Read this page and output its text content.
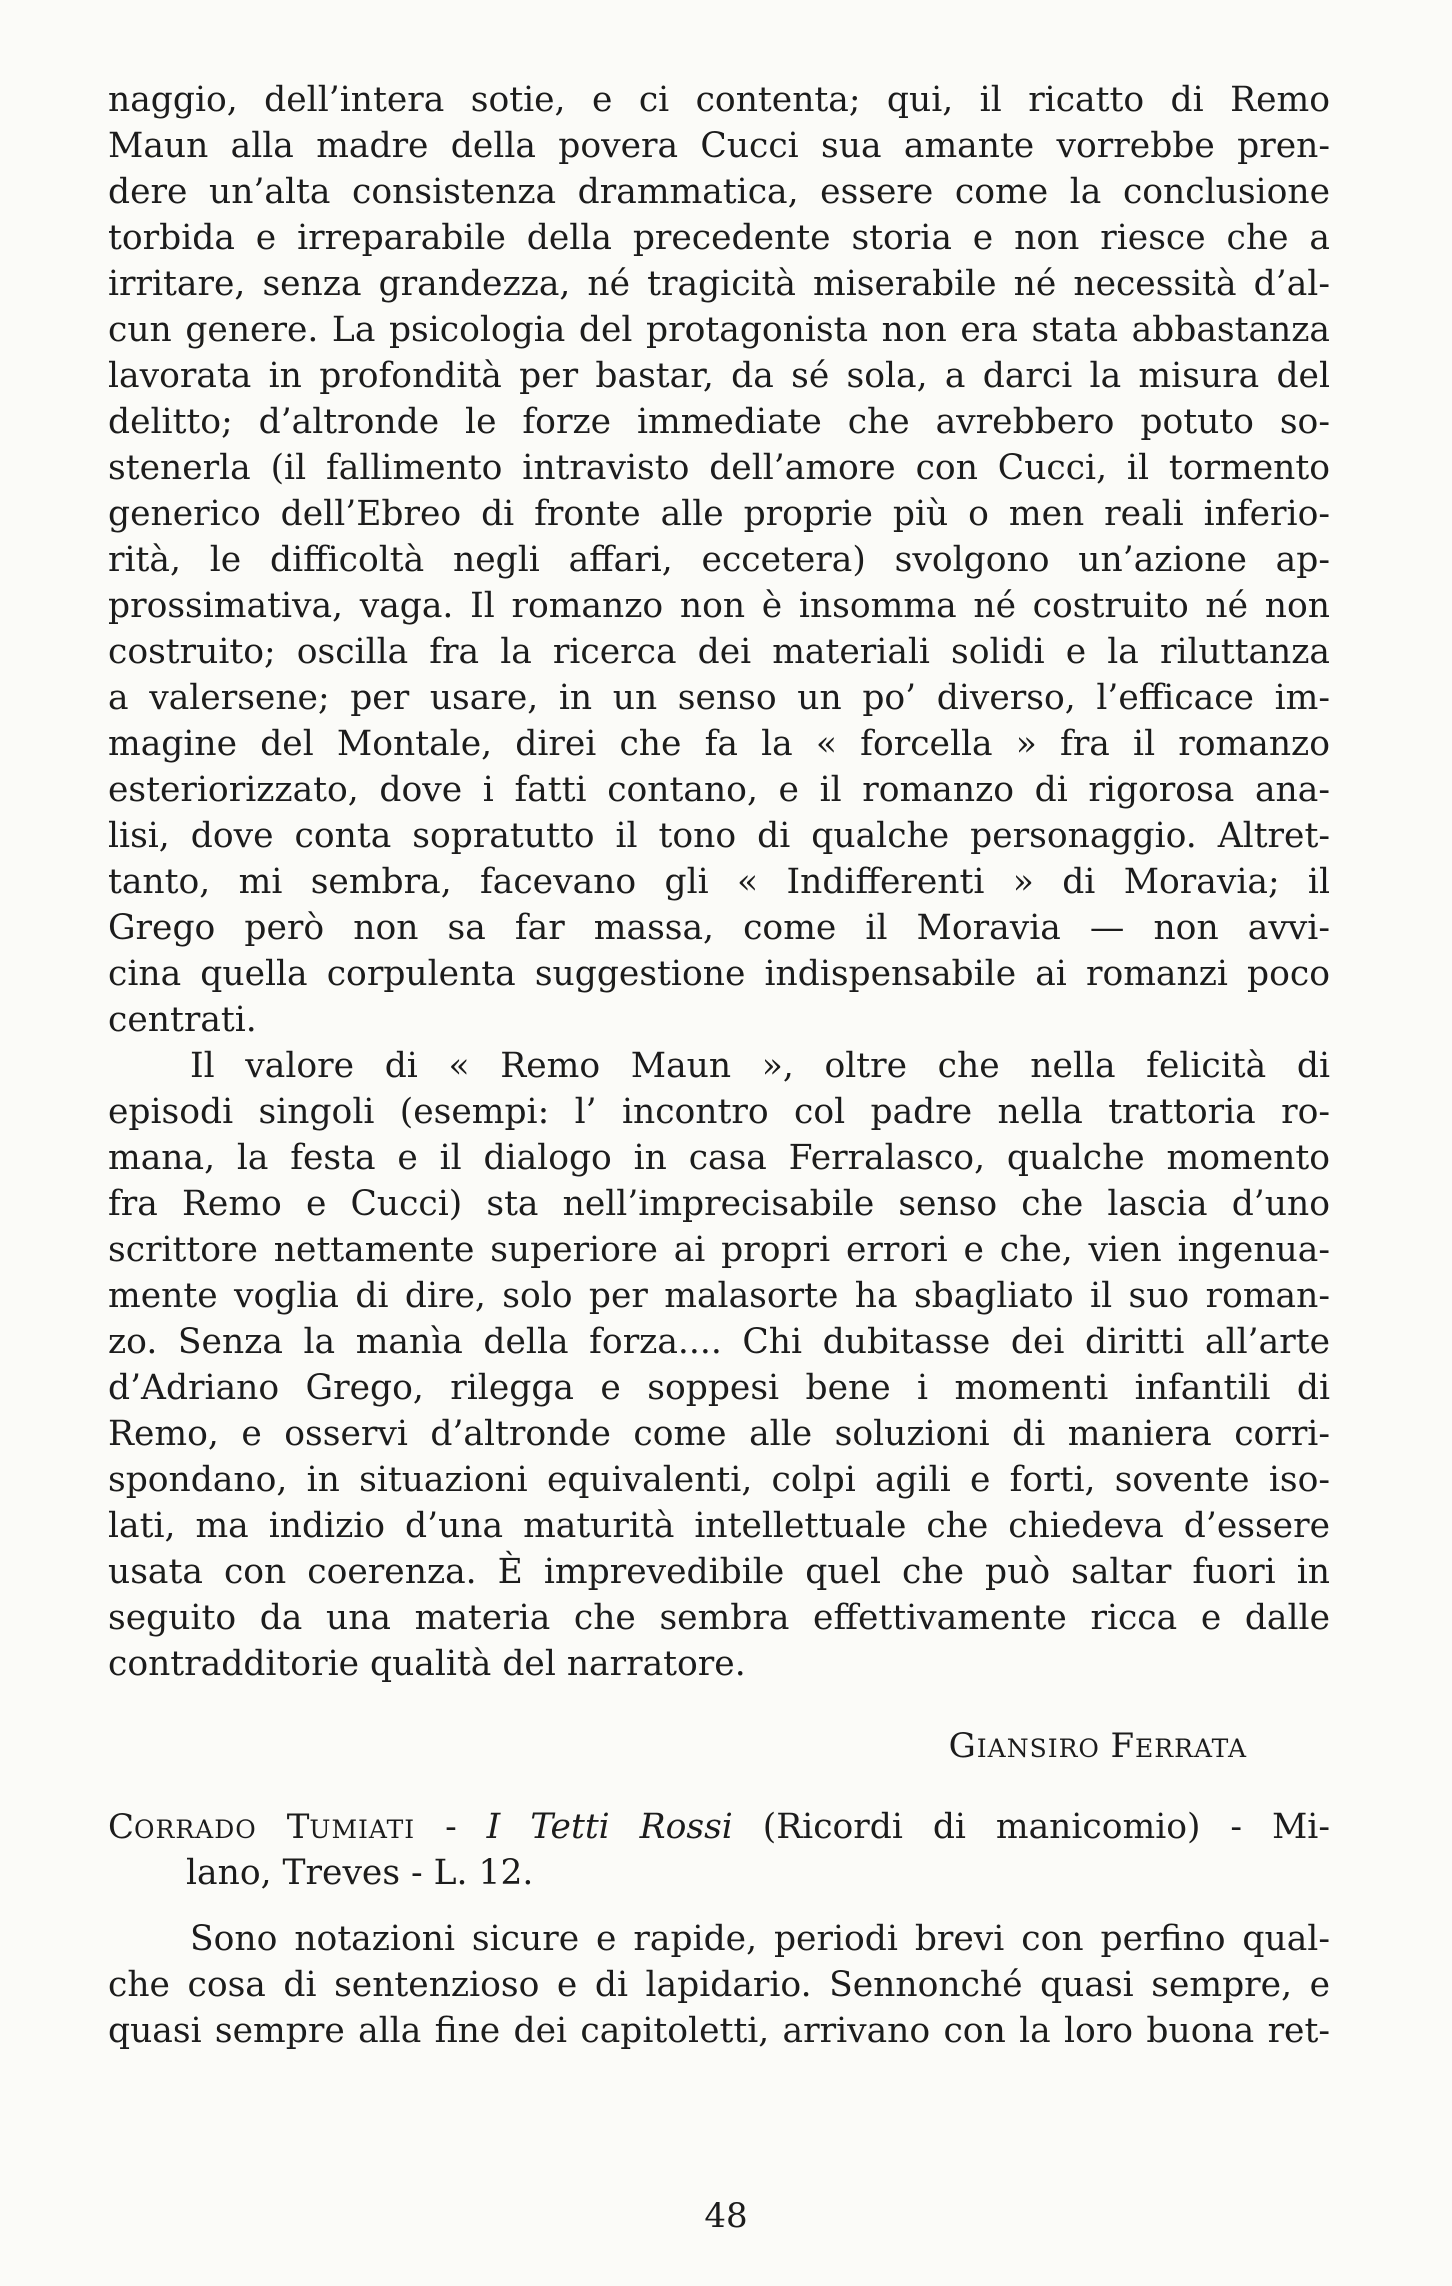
naggio, dell’intera sotie, e ci contenta; qui, il ricatto di Remo
Maun alla madre della povera Cucci sua amante vorrebbe pren-
dere un’alta consistenza drammatica, essere come la conclusione
torbida e irreparabile della precedente storia e non riesce che a
irritare, senza grandezza, né tragicità miserabile né necessità d’al-
cun genere. La psicologia del protagonista non era stata abbastanza
lavorata in profondità per bastar, da sé sola, a darci la misura del
delitto; d’altronde le forze immediate che avrebbero potuto so-
stenerla (il fallimento intravisto dell’amore con Cucci, il tormento
generico dell’Ebreo di fronte alle proprie più o men reali inferio-
rità, le difficoltà negli affari, eccetera) svolgono un’azione ap-
prossimativa, vaga. Il romanzo non è insomma né costruito né non
costruito; oscilla fra la ricerca dei materiali solidi e la riluttanza
a valersene; per usare, in un senso un po’ diverso, l’efficace im-
magine del Montale, direi che fa la « forcella » fra il romanzo
esteriorizzato, dove i fatti contano, e il romanzo di rigorosa ana-
lisi, dove conta sopratutto il tono di qualche personaggio. Altret-
tanto, mi sembra, facevano gli « Indifferenti » di Moravia; il
Grego però non sa far massa, come il Moravia — non avvi-
cina quella corpulenta suggestione indispensabile ai romanzi poco
centrati.
Il valore di « Remo Maun », oltre che nella felicità di
episodi singoli (esempi: l’ incontro col padre nella trattoria ro-
mana, la festa e il dialogo in casa Ferralasco, qualche momento
fra Remo e Cucci) sta nell’imprecisabile senso che lascia d’uno
scrittore nettamente superiore ai propri errori e che, vien ingenua-
mente voglia di dire, solo per malasorte ha sbagliato il suo roman-
zo. Senza la manìa della forza.... Chi dubitasse dei diritti all’arte
d’Adriano Grego, rilegga e soppesi bene i momenti infantili di
Remo, e osservi d’altronde come alle soluzioni di maniera corri-
spondano, in situazioni equivalenti, colpi agili e forti, sovente iso-
lati, ma indizio d’una maturità intellettuale che chiedeva d’essere
usata con coerenza. È imprevedibile quel che può saltar fuori in
seguito da una materia che sembra effettivamente ricca e dalle
contradditorie qualità del narratore.
GIANSIRO FERRATA
CORRADO TUMIATI - I Tetti Rossi (Ricordi di manicomio) - Mi-
lano, Treves - L. 12.
Sono notazioni sicure e rapide, periodi brevi con perfino qual-
che cosa di sentenzioso e di lapidario. Sennonché quasi sempre, e
quasi sempre alla fine dei capitoletti, arrivano con la loro buona ret-
48
